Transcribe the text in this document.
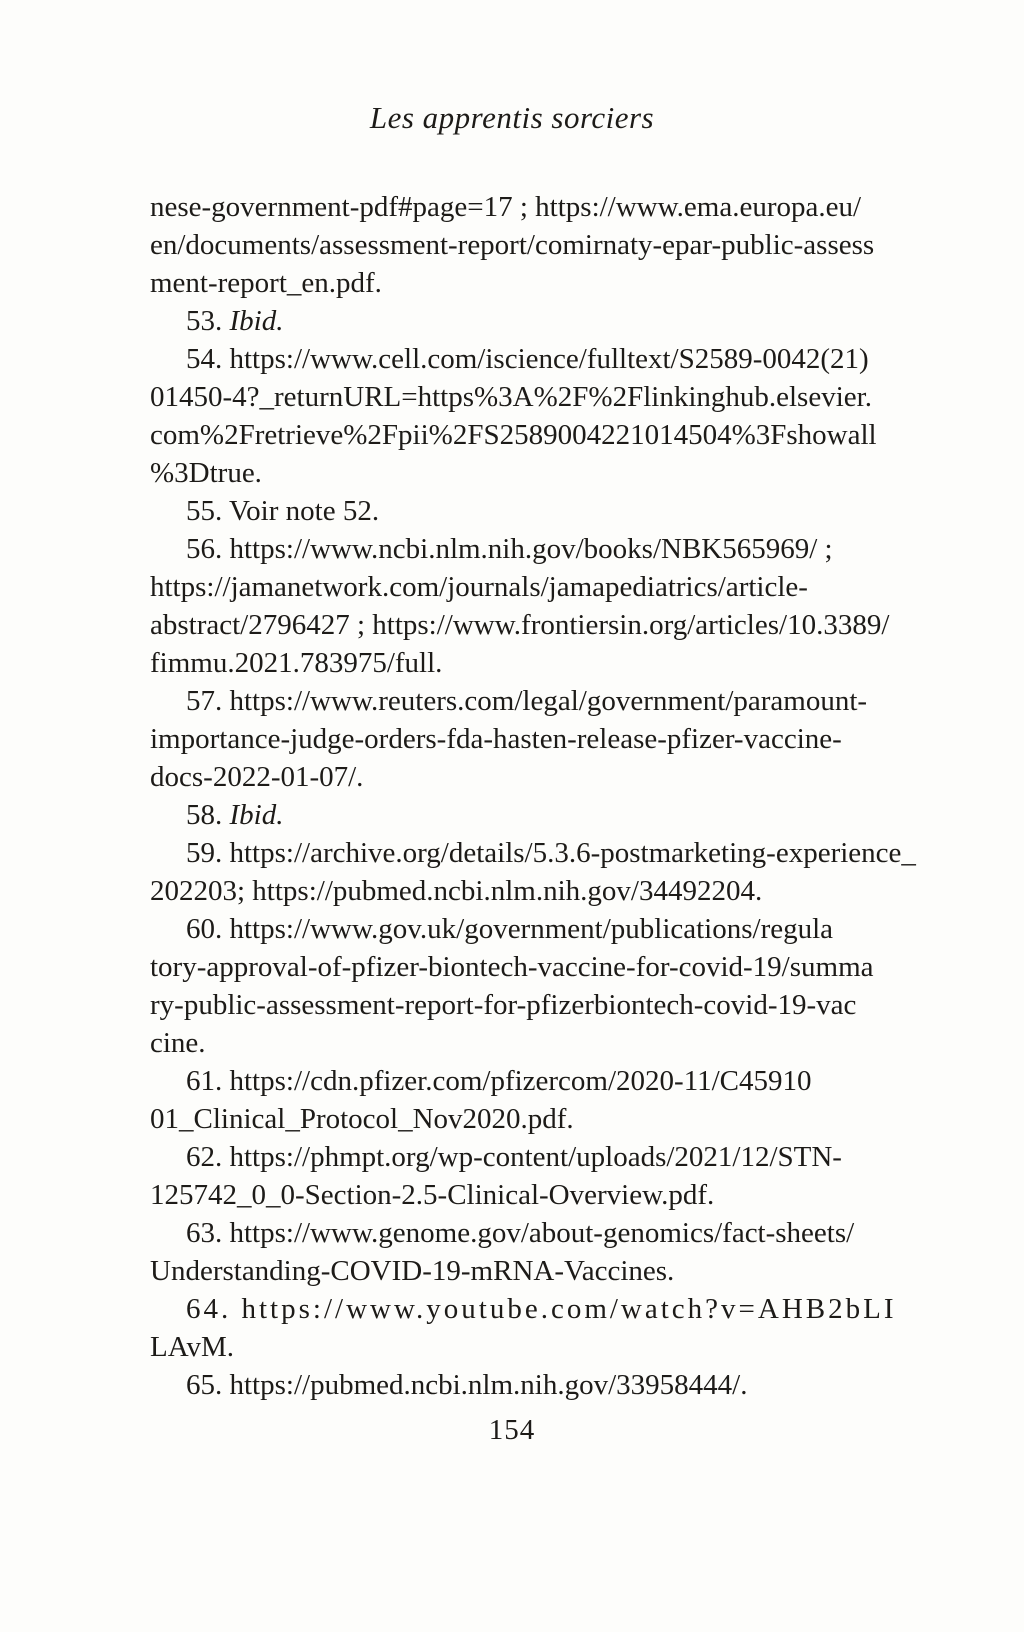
Les apprentis sorciers
nese-government-pdf#page=17 ; https://www.ema.europa.eu/
en/documents/assessment-report/comirnaty-epar-public-assess
ment-report_en.pdf.
53. Ibid.
54. https://www.cell.com/iscience/fulltext/S2589-0042(21)
01450-4?_returnURL=https%3A%2F%2Flinkinghub.elsevier.
com%2Fretrieve%2Fpii%2FS2589004221014504%3Fshowall
%3Dtrue.
55. Voir note 52.
56. https://www.ncbi.nlm.nih.gov/books/NBK565969/ ;
https://jamanetwork.com/journals/jamapediatrics/article-
abstract/2796427 ; https://www.frontiersin.org/articles/10.3389/
fimmu.2021.783975/full.
57. https://www.reuters.com/legal/government/paramount-
importance-judge-orders-fda-hasten-release-pfizer-vaccine-
docs-2022-01-07/.
58. Ibid.
59. https://archive.org/details/5.3.6-postmarketing-experience_
202203; https://pubmed.ncbi.nlm.nih.gov/34492204.
60. https://www.gov.uk/government/publications/regula
tory-approval-of-pfizer-biontech-vaccine-for-covid-19/summa
ry-public-assessment-report-for-pfizerbiontech-covid-19-vac
cine.
61. https://cdn.pfizer.com/pfizercom/2020-11/C45910
01_Clinical_Protocol_Nov2020.pdf.
62. https://phmpt.org/wp-content/uploads/2021/12/STN-
125742_0_0-Section-2.5-Clinical-Overview.pdf.
63. https://www.genome.gov/about-genomics/fact-sheets/
Understanding-COVID-19-mRNA-Vaccines.
64. https://www.youtube.com/watch?v=AHB2bLI
LAvM.
65. https://pubmed.ncbi.nlm.nih.gov/33958444/.
154
